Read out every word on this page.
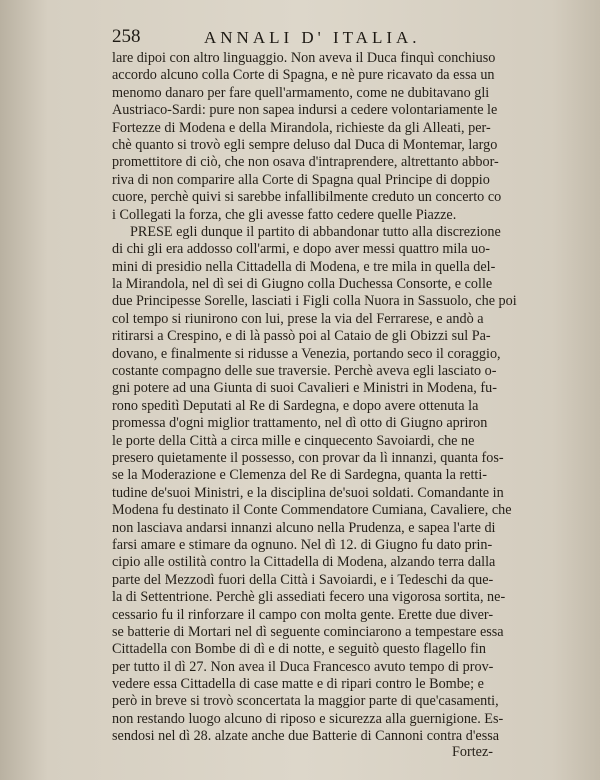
258	ANNALI D' ITALIA.
lare dipoi con altro linguaggio. Non aveva il Duca finquì conchiuso
accordo alcuno colla Corte di Spagna, e nè pure ricavato da essa un
menomo danaro per fare quell'armamento, come ne dubitavano gli
Austriaco-Sardi: pure non sapea indursi a cedere volontariamente le
Fortezze di Modena e della Mirandola, richieste da gli Alleati, per-
chè quanto si trovò egli sempre deluso dal Duca di Montemar, largo
promettitore di ciò, che non osava d'intraprendere, altrettanto abbor-
riva di non comparire alla Corte di Spagna qual Principe di doppio
cuore, perchè quivi si sarebbe infallibilmente creduto un concerto co
i Collegati la forza, che gli avesse fatto cedere quelle Piazze.
PRESE egli dunque il partito di abbandonar tutto alla discrezione
di chi gli era addosso coll'armi, e dopo aver messi quattro mila uo-
mini di presidio nella Cittadella di Modena, e tre mila in quella del-
la Mirandola, nel dì sei di Giugno colla Duchessa Consorte, e colle
due Principesse Sorelle, lasciati i Figli colla Nuora in Sassuolo, che poi
col tempo si riunirono con lui, prese la via del Ferrarese, e andò a
ritirarsi a Crespino, e di là passò poi al Cataio de gli Obizzi sul Pa-
dovano, e finalmente si ridusse a Venezia, portando seco il coraggio,
costante compagno delle sue traversie. Perchè aveva egli lasciato o-
gni potere ad una Giunta di suoi Cavalieri e Ministri in Modena, fu-
rono speditì Deputati al Re di Sardegna, e dopo avere ottenuta la
promessa d'ogni miglior trattamento, nel dì otto di Giugno apriron
le porte della Città a circa mille e cinquecento Savoiardi, che ne
presero quietamente il possesso, con provar da lì innanzi, quanta fos-
se la Moderazione e Clemenza del Re di Sardegna, quanta la retti-
tudine de'suoi Ministri, e la disciplina de'suoi soldati. Comandante in
Modena fu destinato il Conte Commendatore Cumiana, Cavaliere, che
non lasciava andarsi innanzi alcuno nella Prudenza, e sapea l'arte di
farsi amare e stimare da ognuno. Nel dì 12. di Giugno fu dato prin-
cipio alle ostilità contro la Cittadella di Modena, alzando terra dalla
parte del Mezzodì fuori della Città i Savoiardi, e i Tedeschi da que-
la di Settentrione. Perchè gli assediati fecero una vigorosa sortita, ne-
cessario fu il rinforzare il campo con molta gente. Erette due diver-
se batterie di Mortari nel dì seguente cominciarono a tempestare essa
Cittadella con Bombe di dì e di notte, e seguitò questo flagello fin
per tutto il dì 27. Non avea il Duca Francesco avuto tempo di prov-
vedere essa Cittadella di case matte e di ripari contro le Bombe; e
però in breve si trovò sconcertata la maggior parte di que'casamenti,
non restando luogo alcuno di riposo e sicurezza alla guernigione. Es-
sendosi nel dì 28. alzate anche due Batterie di Cannoni contra d'essa
Fortez-
